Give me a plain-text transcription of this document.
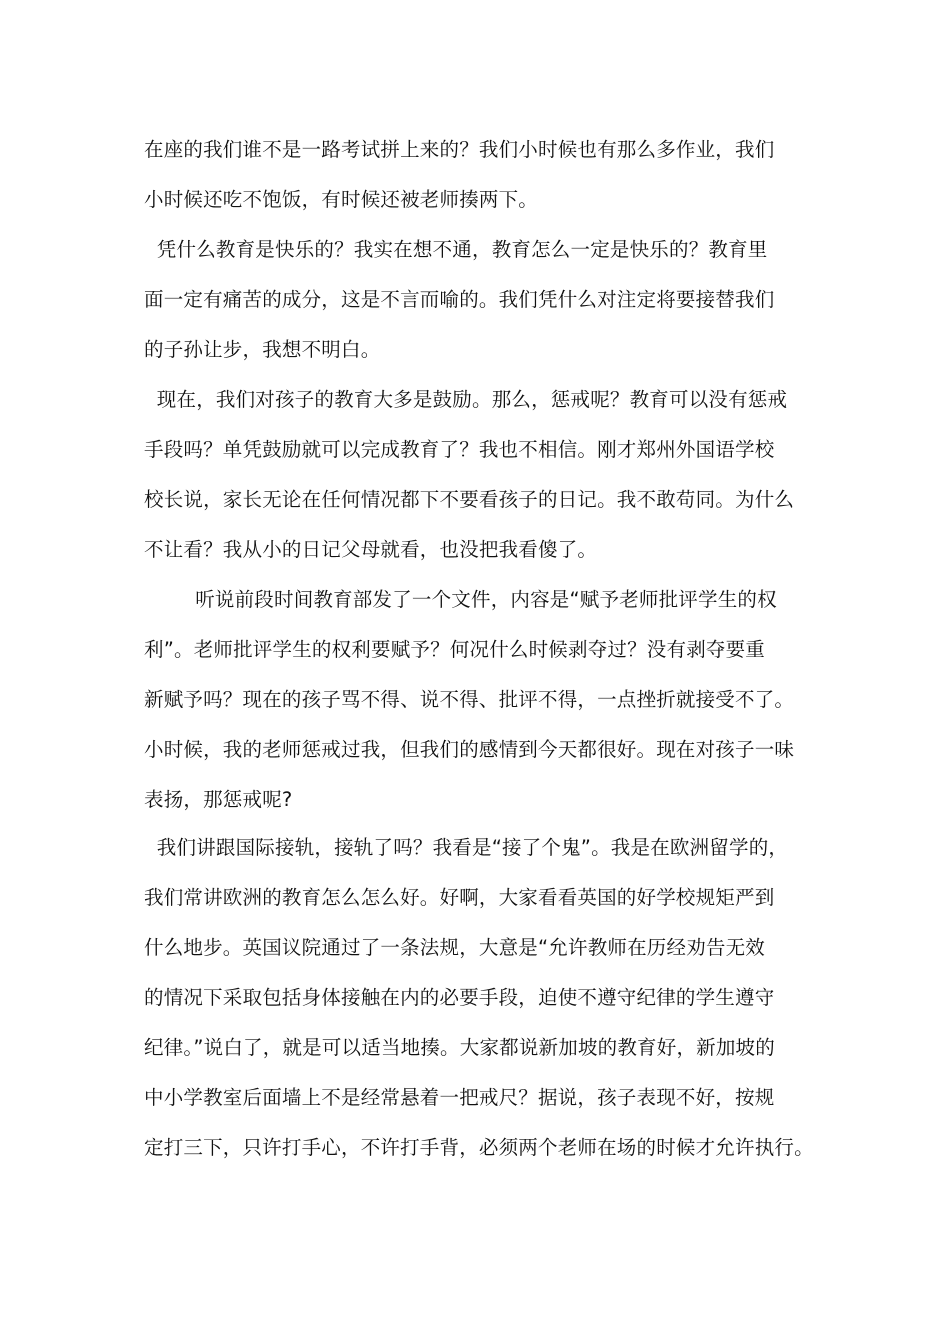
在座的我们谁不是一路考试拼上来的？我们小时候也有那么多作业，我们
小时候还吃不饱饭，有时候还被老师揍两下。
凭什么教育是快乐的？我实在想不通，教育怎么一定是快乐的？教育里
面一定有痛苦的成分，这是不言而喻的。我们凭什么对注定将要接替我们
的子孙让步，我想不明白。
现在，我们对孩子的教育大多是鼓励。那么，惩戒呢？教育可以没有惩戒
手段吗？单凭鼓励就可以完成教育了？我也不相信。刚才郑州外国语学校
校长说，家长无论在任何情况都下不要看孩子的日记。我不敢苟同。为什么
不让看？我从小的日记父母就看，也没把我看傻了。
听说前段时间教育部发了一个文件，内容是“赋予老师批评学生的权
利”。老师批评学生的权利要赋予？何况什么时候剥夺过？没有剥夺要重
新赋予吗？现在的孩子骂不得、说不得、批评不得，一点挫折就接受不了。
小时候，我的老师惩戒过我，但我们的感情到今天都很好。现在对孩子一味
表扬，那惩戒呢?
我们讲跟国际接轨，接轨了吗？我看是“接了个鬼”。我是在欧洲留学的，
我们常讲欧洲的教育怎么怎么好。好啊，大家看看英国的好学校规矩严到
什么地步。英国议院通过了一条法规，大意是“允许教师在历经劝告无效
的情况下采取包括身体接触在内的必要手段，迫使不遵守纪律的学生遵守
纪律。”说白了，就是可以适当地揍。大家都说新加坡的教育好，新加坡的
中小学教室后面墙上不是经常悬着一把戒尺？据说，孩子表现不好，按规
定打三下，只许打手心，不许打手背，必须两个老师在场的时候才允许执行。
